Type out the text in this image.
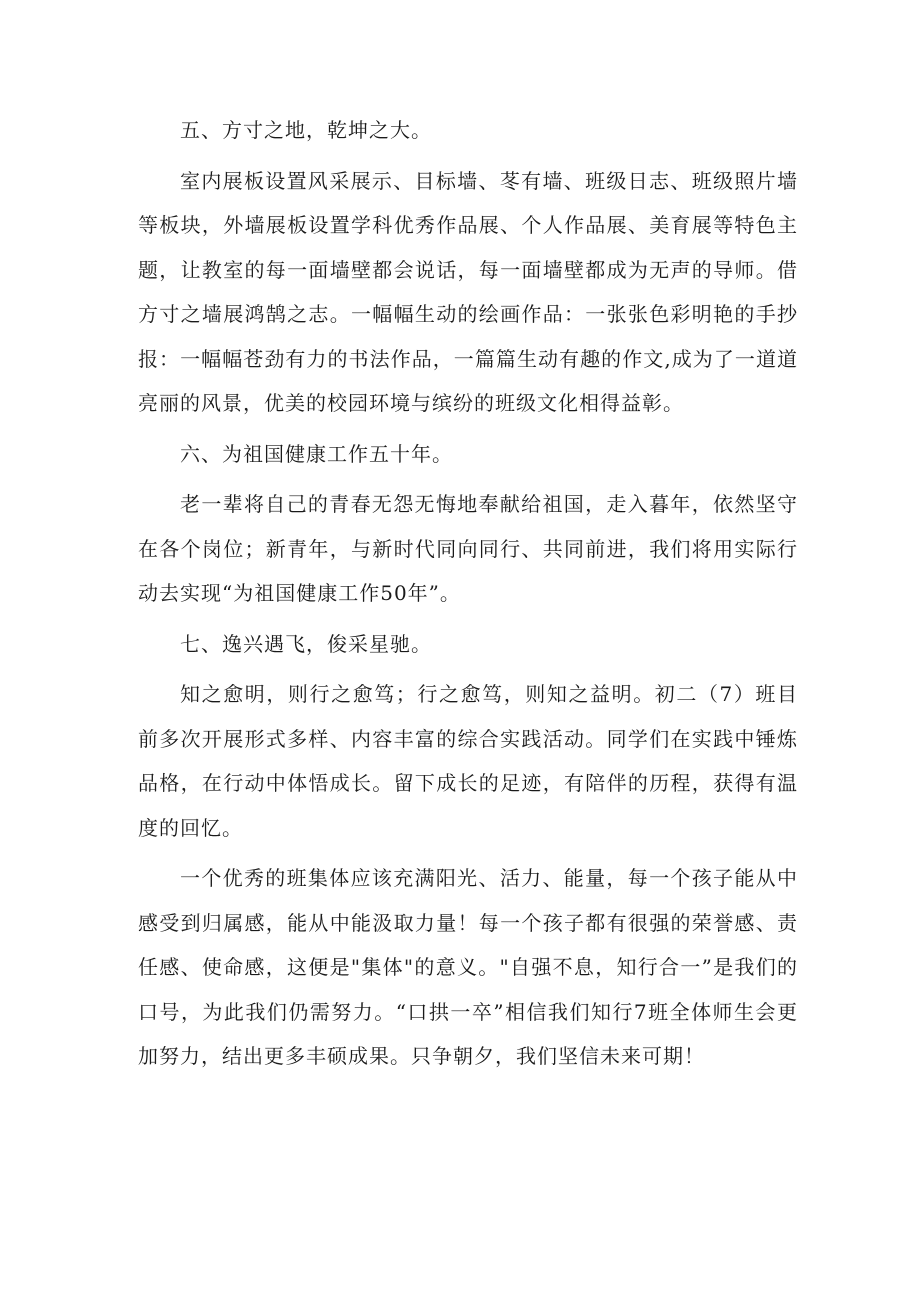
五、方寸之地，乾坤之大。

室内展板设置风采展示、目标墙、苳有墙、班级日志、班级照片墙等板块，外墙展板设置学科优秀作品展、个人作品展、美育展等特色主题，让教室的每一面墙壁都会说话，每一面墙壁都成为无声的导师。借方寸之墙展鸿鹄之志。一幅幅生动的绘画作品：一张张色彩明艳的手抄报：一幅幅苍劲有力的书法作品，一篇篇生动有趣的作文,成为了一道道亮丽的风景，优美的校园环境与缤纷的班级文化相得益彰。

六、为祖国健康工作五十年。

老一辈将自己的青春无怨无悔地奉献给祖国，走入暮年，依然坚守在各个岗位；新青年，与新时代同向同行、共同前进，我们将用实际行动去实现“为祖国健康工作50年”。

七、逸兴遇飞，俊采星驰。

知之愈明，则行之愈笃；行之愈笃，则知之益明。初二（7）班目前多次开展形式多样、内容丰富的综合实践活动。同学们在实践中锤炼品格，在行动中体悟成长。留下成长的足迹，有陪伴的历程，获得有温度的回忆。

一个优秀的班集体应该充满阳光、活力、能量，每一个孩子能从中感受到归属感，能从中能汲取力量！每一个孩子都有很强的荣誉感、责任感、使命感，这便是"集体"的意义。"自强不息，知行合一”是我们的口号，为此我们仍需努力。“口拱一卒”相信我们知行7班全体师生会更加努力，结出更多丰硕成果。只争朝夕，我们坚信未来可期！
